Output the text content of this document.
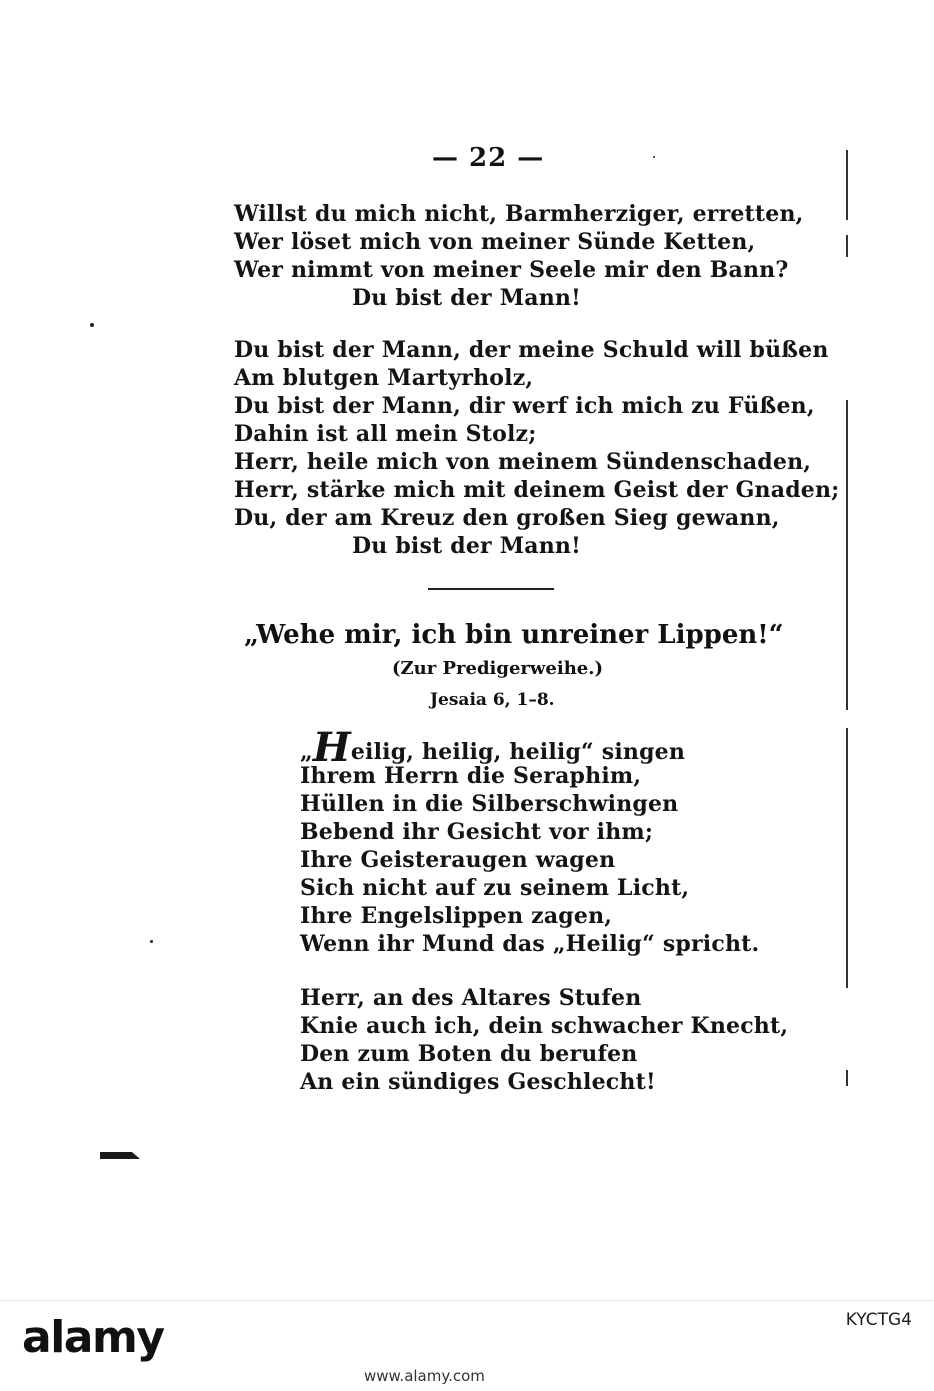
— 22 —
Willst du mich nicht, Barmherziger, erretten,
Wer löset mich von meiner Sünde Ketten,
Wer nimmt von meiner Seele mir den Bann?
Du bist der Mann!
Du bist der Mann, der meine Schuld will büßen
Am blutgen Martyrholz,
Du bist der Mann, dir werf ich mich zu Füßen,
Dahin ist all mein Stolz;
Herr, heile mich von meinem Sündenschaden,
Herr, stärke mich mit deinem Geist der Gnaden;
Du, der am Kreuz den großen Sieg gewann,
Du bist der Mann!
„Wehe mir, ich bin unreiner Lippen!“
(Zur Predigerweihe.)
Jesaia 6, 1–8.
„Heilig, heilig, heilig“ singen
Ihrem Herrn die Seraphim,
Hüllen in die Silberschwingen
Bebend ihr Gesicht vor ihm;
Ihre Geisteraugen wagen
Sich nicht auf zu seinem Licht,
Ihre Engelslippen zagen,
Wenn ihr Mund das „Heilig“ spricht.
Herr, an des Altares Stufen
Knie auch ich, dein schwacher Knecht,
Den zum Boten du berufen
An ein sündiges Geschlecht!
alamy	KYCTG4
www.alamy.com
